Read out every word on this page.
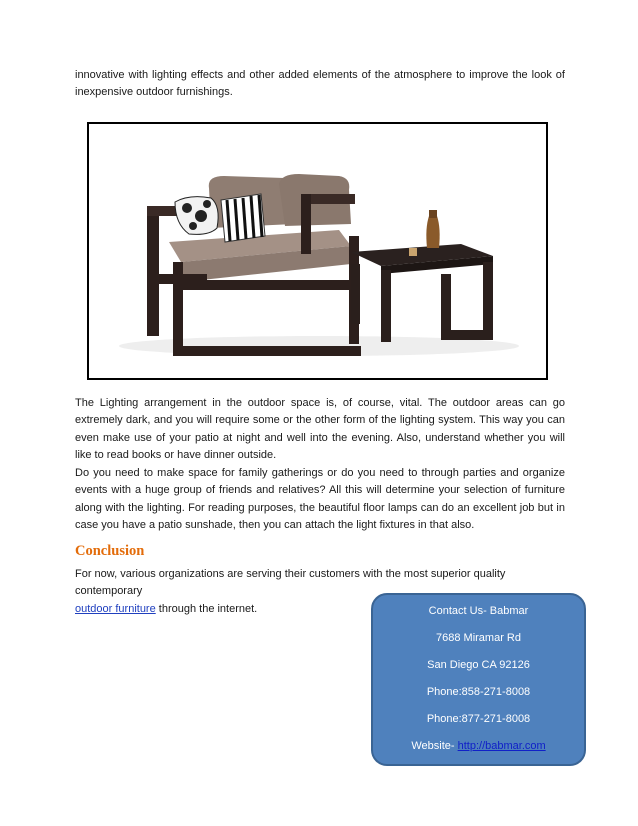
innovative with lighting effects and other added elements of the atmosphere to improve the look of inexpensive outdoor furnishings.

The Lighting arrangement in the outdoor space is, of course, vital. The outdoor areas can go extremely dark, and you will require some or the other form of the lighting system. This way you can even make use of your patio at night and well into the evening. Also, understand whether you will like to read books or have dinner outside.

Do you need to make space for family gatherings or do you need to through parties and organize events with a huge group of friends and relatives? All this will determine your selection of furniture along with the lighting. For reading purposes, the beautiful floor lamps can do an excellent job but in case you have a patio sunshade, then you can attach the light fixtures in that also.

Conclusion

For now, various organizations are serving their customers with the most superior quality contemporary
outdoor furniture through the internet.	Contact Us- Babmar
7688 Miramar Rd
San Diego CA 92126
Phone:858-271-8008
Phone:877-271-8008
Website- http://babmar.com
